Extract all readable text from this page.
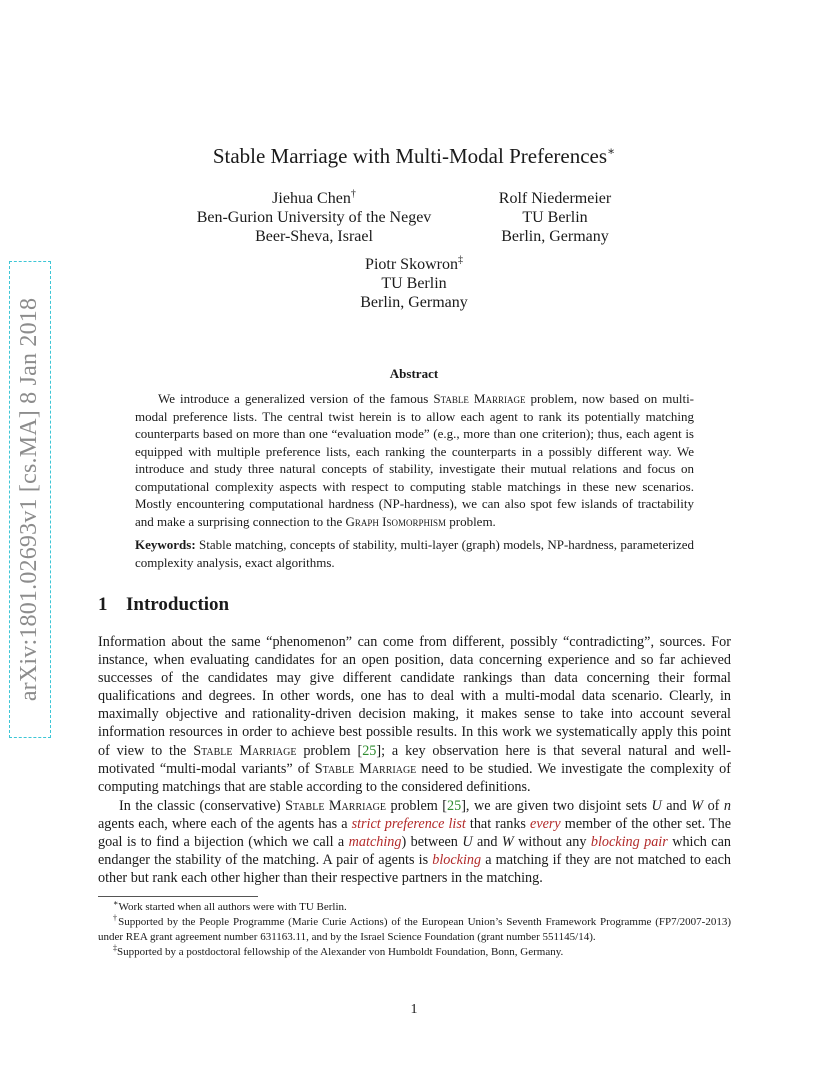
arXiv:1801.02693v1 [cs.MA] 8 Jan 2018
Stable Marriage with Multi-Modal Preferences∗
Jiehua Chen†
Ben-Gurion University of the Negev
Beer-Sheva, Israel
Rolf Niedermeier
TU Berlin
Berlin, Germany
Piotr Skowron‡
TU Berlin
Berlin, Germany
Abstract
We introduce a generalized version of the famous Stable Marriage problem, now based on multi-modal preference lists. The central twist herein is to allow each agent to rank its potentially matching counterparts based on more than one “evaluation mode” (e.g., more than one criterion); thus, each agent is equipped with multiple preference lists, each ranking the counterparts in a possibly different way. We introduce and study three natural concepts of stability, investigate their mutual relations and focus on computational complexity aspects with respect to computing stable matchings in these new scenarios. Mostly encountering computational hardness (NP-hardness), we can also spot few islands of tractability and make a surprising connection to the Graph Isomorphism problem.
Keywords: Stable matching, concepts of stability, multi-layer (graph) models, NP-hardness, parameterized complexity analysis, exact algorithms.
1 Introduction
Information about the same “phenomenon” can come from different, possibly “contradicting”, sources. For instance, when evaluating candidates for an open position, data concerning experience and so far achieved successes of the candidates may give different candidate rankings than data concerning their formal qualifications and degrees. In other words, one has to deal with a multi-modal data scenario. Clearly, in maximally objective and rationality-driven decision making, it makes sense to take into account several information resources in order to achieve best possible results. In this work we systematically apply this point of view to the Stable Marriage problem [25]; a key observation here is that several natural and well-motivated “multi-modal variants” of Stable Marriage need to be studied. We investigate the complexity of computing matchings that are stable according to the considered definitions.
In the classic (conservative) Stable Marriage problem [25], we are given two disjoint sets U and W of n agents each, where each of the agents has a strict preference list that ranks every member of the other set. The goal is to find a bijection (which we call a matching) between U and W without any blocking pair which can endanger the stability of the matching. A pair of agents is blocking a matching if they are not matched to each other but rank each other higher than their respective partners in the matching.
∗Work started when all authors were with TU Berlin.
†Supported by the People Programme (Marie Curie Actions) of the European Union’s Seventh Framework Programme (FP7/2007-2013) under REA grant agreement number 631163.11, and by the Israel Science Foundation (grant number 551145/14).
‡Supported by a postdoctoral fellowship of the Alexander von Humboldt Foundation, Bonn, Germany.
1
